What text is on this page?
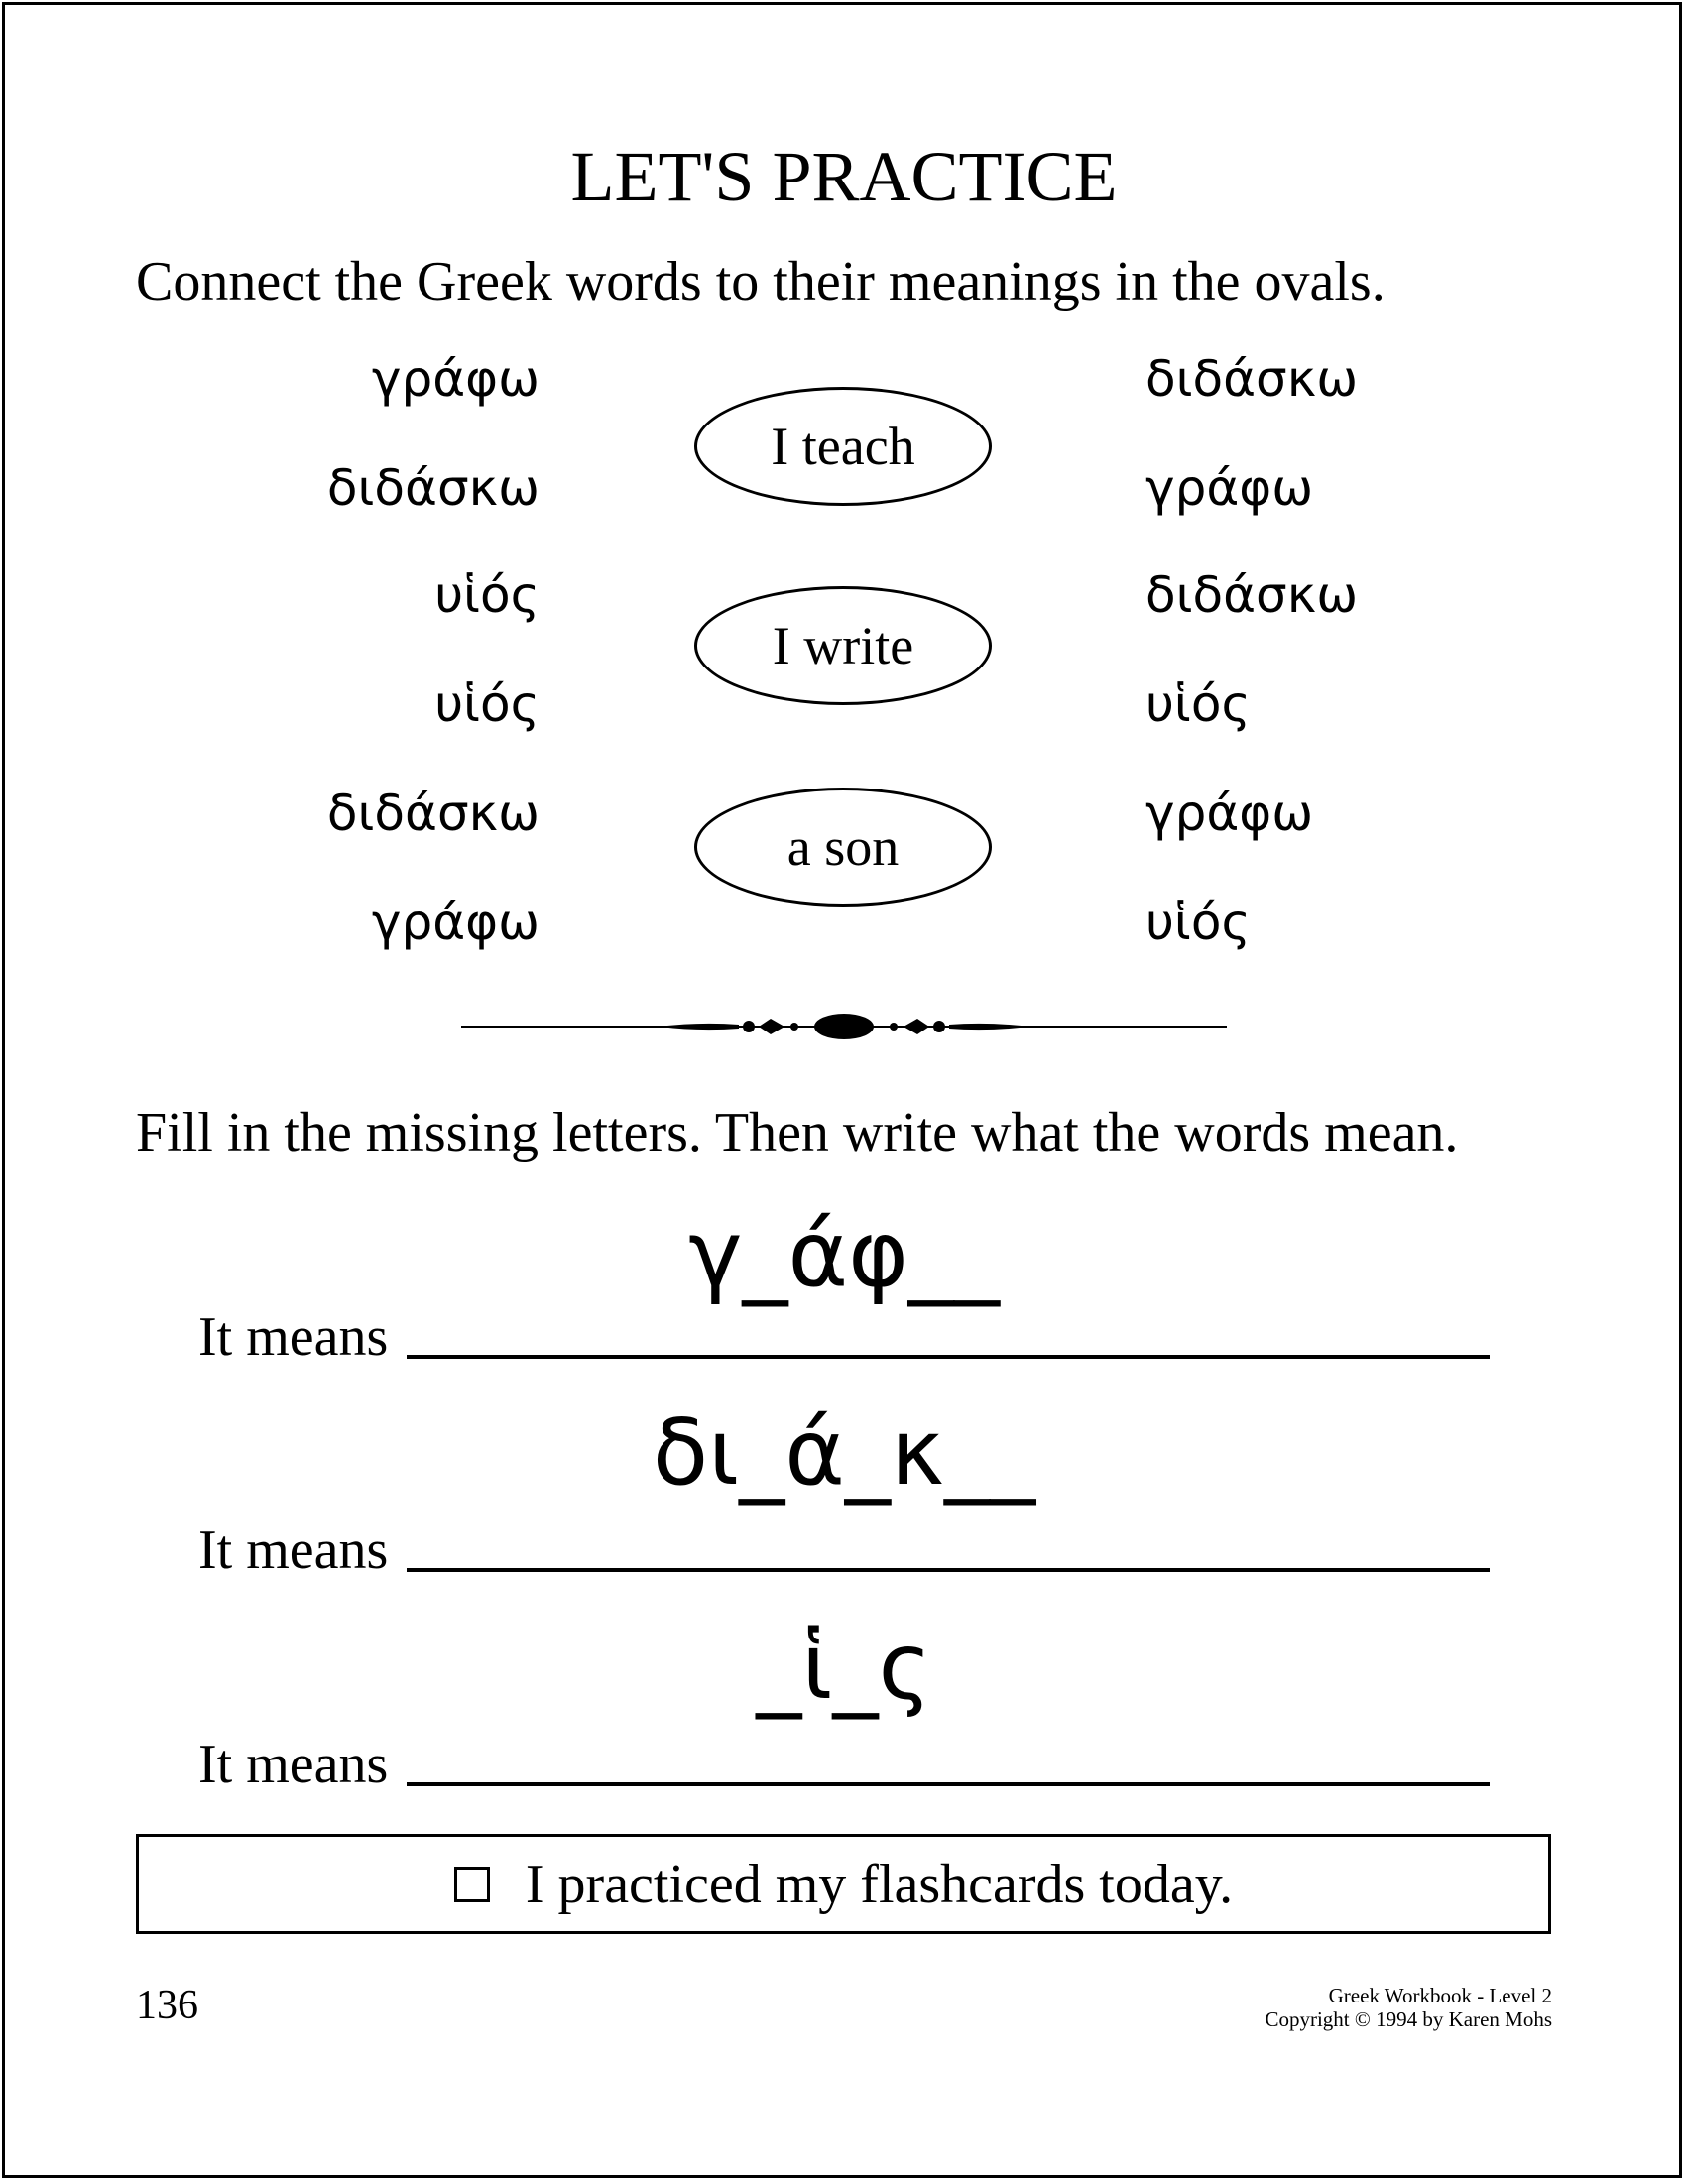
LET'S PRACTICE
Connect the Greek words to their meanings in the ovals.
γράφω
διδάσκω
υἱός
υἱός
διδάσκω
γράφω
I teach
I write
a son
διδάσκω
γράφω
διδάσκω
υἱός
γράφω
υἱός
Fill in the missing letters. Then write what the words mean.
γ_άφ__
It means
δι_ά_κ__
It means
_ἱ_ς
It means
I practiced my flashcards today.
136	Greek Workbook - Level 2
Copyright © 1994 by Karen Mohs
